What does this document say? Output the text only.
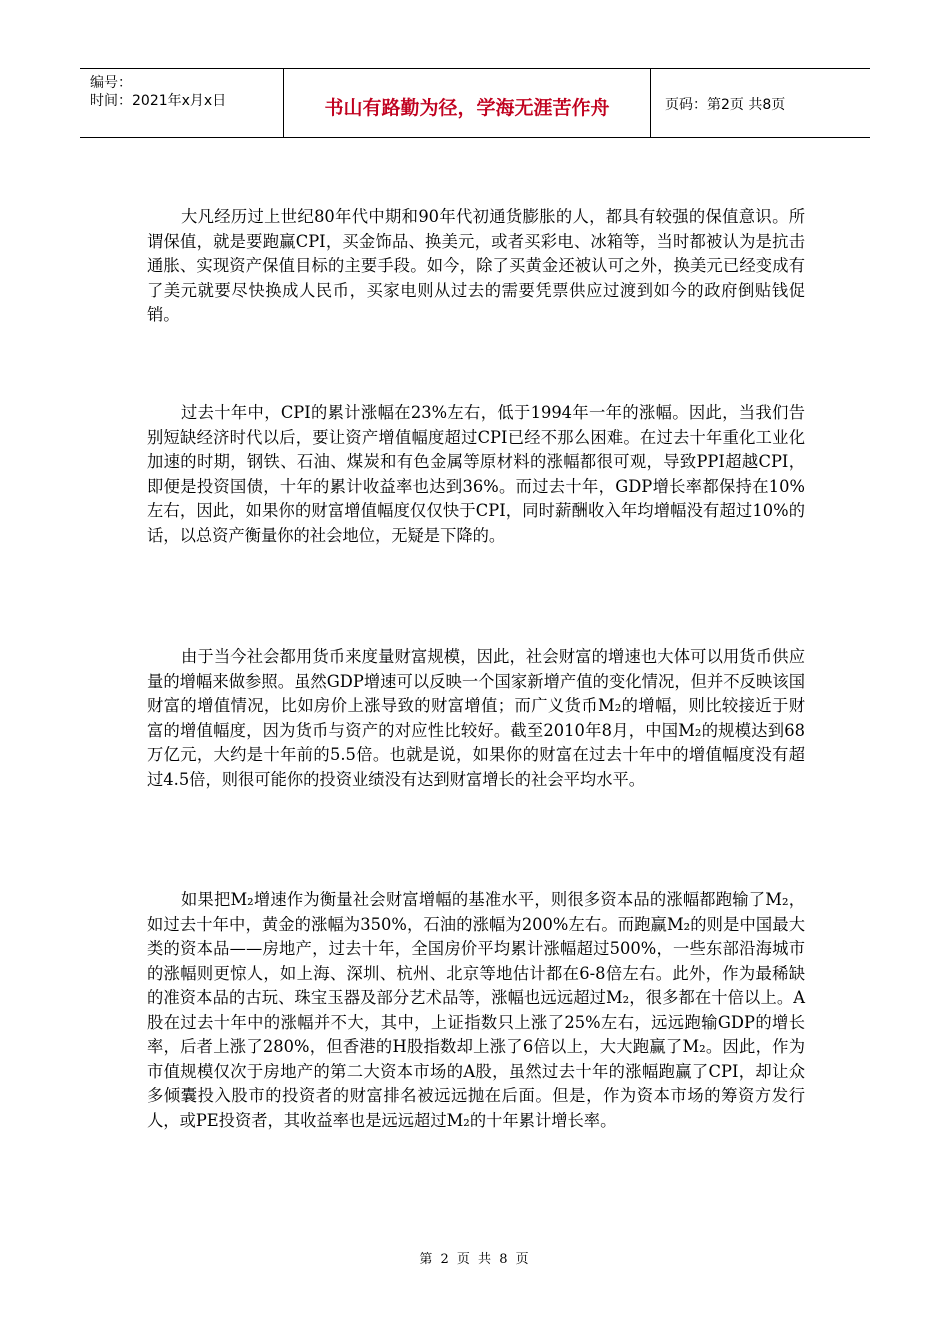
编号：
时间：2021年x月x日	书山有路勤为径，学海无涯苦作舟	页码：第2页 共8页

大凡经历过上世纪80年代中期和90年代初通货膨胀的人，都具有较强的保值意识。所谓保值，就是要跑赢CPI，买金饰品、换美元，或者买彩电、冰箱等，当时都被认为是抗击通胀、实现资产保值目标的主要手段。如今，除了买黄金还被认可之外，换美元已经变成有了美元就要尽快换成人民币，买家电则从过去的需要凭票供应过渡到如今的政府倒贴钱促销。

过去十年中，CPI的累计涨幅在23%左右，低于1994年一年的涨幅。因此，当我们告别短缺经济时代以后，要让资产增值幅度超过CPI已经不那么困难。在过去十年重化工业化加速的时期，钢铁、石油、煤炭和有色金属等原材料的涨幅都很可观，导致PPI超越CPI，即便是投资国债，十年的累计收益率也达到36%。而过去十年，GDP增长率都保持在10%左右，因此，如果你的财富增值幅度仅仅快于CPI，同时薪酬收入年均增幅没有超过10%的话，以总资产衡量你的社会地位，无疑是下降的。

由于当今社会都用货币来度量财富规模，因此，社会财富的增速也大体可以用货币供应量的增幅来做参照。虽然GDP增速可以反映一个国家新增产值的变化情况，但并不反映该国财富的增值情况，比如房价上涨导致的财富增值；而广义货币M₂的增幅，则比较接近于财富的增值幅度，因为货币与资产的对应性比较好。截至2010年8月，中国M₂的规模达到68万亿元，大约是十年前的5.5倍。也就是说，如果你的财富在过去十年中的增值幅度没有超过4.5倍，则很可能你的投资业绩没有达到财富增长的社会平均水平。

如果把M₂增速作为衡量社会财富增幅的基准水平，则很多资本品的涨幅都跑输了M₂，如过去十年中，黄金的涨幅为350%，石油的涨幅为200%左右。而跑赢M₂的则是中国最大类的资本品——房地产，过去十年，全国房价平均累计涨幅超过500%，一些东部沿海城市的涨幅则更惊人，如上海、深圳、杭州、北京等地估计都在6-8倍左右。此外，作为最稀缺的准资本品的古玩、珠宝玉器及部分艺术品等，涨幅也远远超过M₂，很多都在十倍以上。A股在过去十年中的涨幅并不大，其中，上证指数只上涨了25%左右，远远跑输GDP的增长率，后者上涨了280%，但香港的H股指数却上涨了6倍以上，大大跑赢了M₂。因此，作为市值规模仅次于房地产的第二大资本市场的A股，虽然过去十年的涨幅跑赢了CPI，却让众多倾囊投入股市的投资者的财富排名被远远抛在后面。但是，作为资本市场的筹资方发行人，或PE投资者，其收益率也是远远超过M₂的十年累计增长率。

第 2 页 共 8 页
